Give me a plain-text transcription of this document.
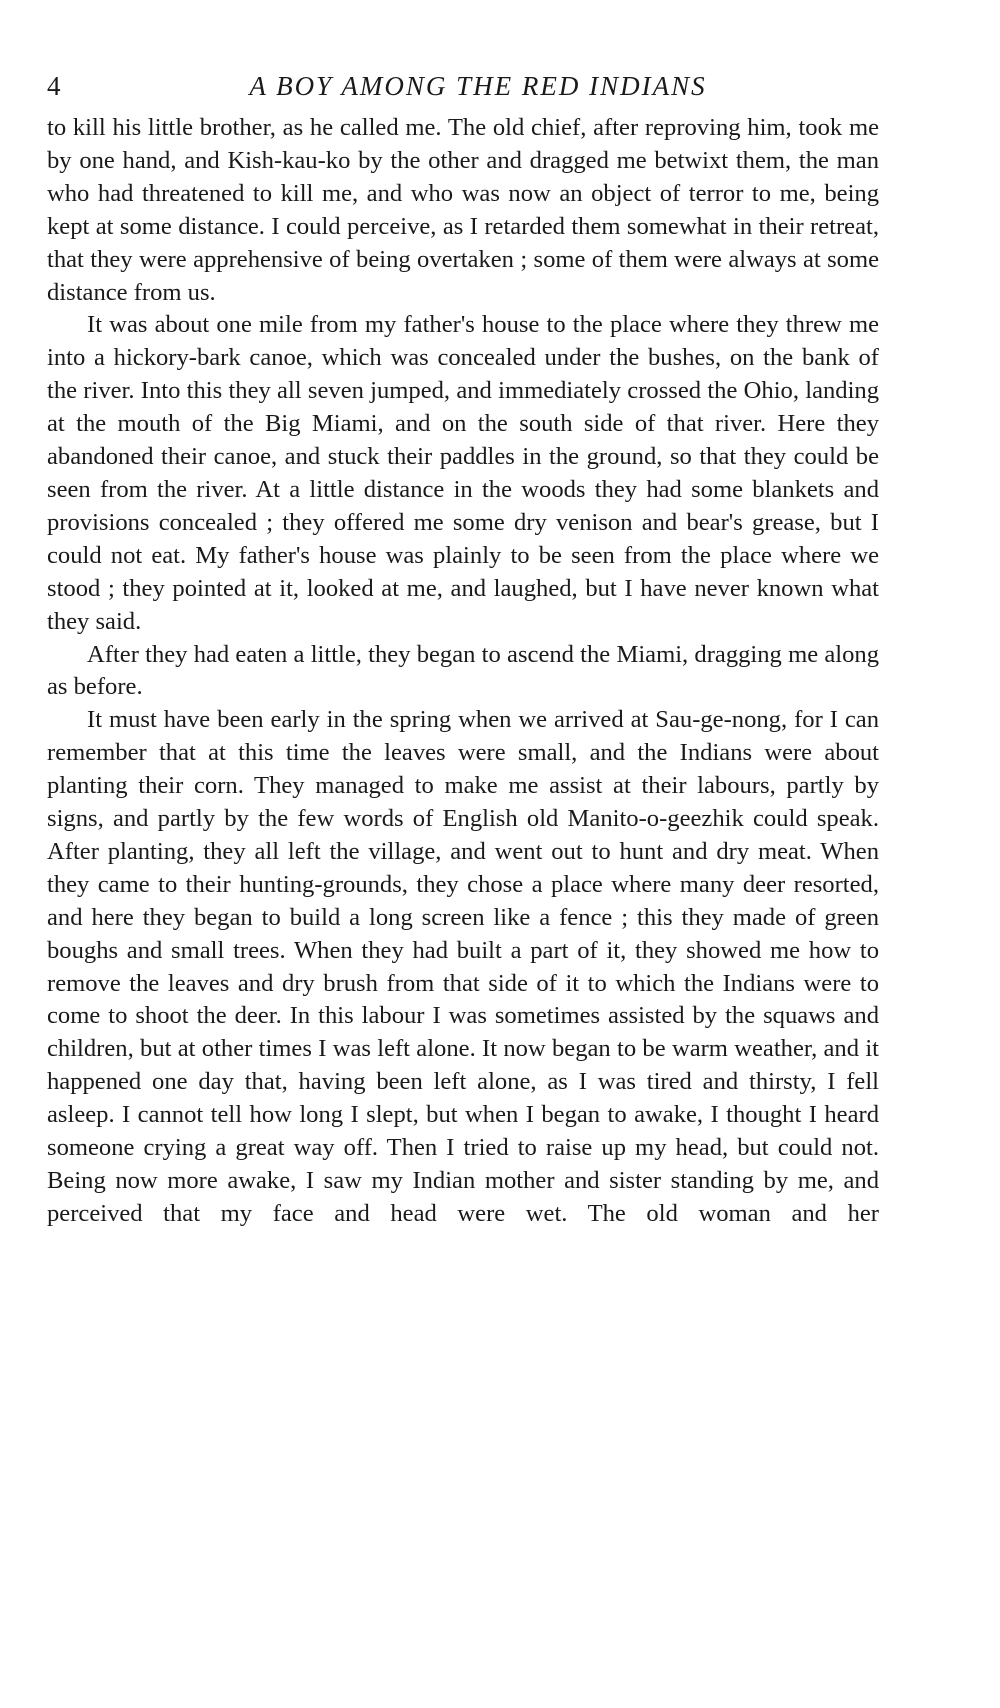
4	A BOY AMONG THE RED INDIANS

to kill his little brother, as he called me. The old chief, after reproving him, took me by one hand, and Kish-kau-ko by the other and dragged me betwixt them, the man who had threatened to kill me, and who was now an object of terror to me, being kept at some distance. I could perceive, as I retarded them somewhat in their retreat, that they were apprehensive of being overtaken ; some of them were always at some distance from us.

It was about one mile from my father's house to the place where they threw me into a hickory-bark canoe, which was concealed under the bushes, on the bank of the river. Into this they all seven jumped, and immediately crossed the Ohio, landing at the mouth of the Big Miami, and on the south side of that river. Here they abandoned their canoe, and stuck their paddles in the ground, so that they could be seen from the river. At a little distance in the woods they had some blankets and provisions concealed ; they offered me some dry venison and bear's grease, but I could not eat. My father's house was plainly to be seen from the place where we stood ; they pointed at it, looked at me, and laughed, but I have never known what they said.

After they had eaten a little, they began to ascend the Miami, dragging me along as before.

It must have been early in the spring when we arrived at Sau-ge-nong, for I can remember that at this time the leaves were small, and the Indians were about planting their corn. They managed to make me assist at their labours, partly by signs, and partly by the few words of English old Manito-o-geezhik could speak. After planting, they all left the village, and went out to hunt and dry meat. When they came to their hunting-grounds, they chose a place where many deer resorted, and here they began to build a long screen like a fence ; this they made of green boughs and small trees. When they had built a part of it, they showed me how to remove the leaves and dry brush from that side of it to which the Indians were to come to shoot the deer. In this labour I was sometimes assisted by the squaws and children, but at other times I was left alone. It now began to be warm weather, and it happened one day that, having been left alone, as I was tired and thirsty, I fell asleep. I cannot tell how long I slept, but when I began to awake, I thought I heard someone crying a great way off. Then I tried to raise up my head, but could not. Being now more awake, I saw my Indian mother and sister standing by me, and perceived that my face and head were wet. The old woman and her
